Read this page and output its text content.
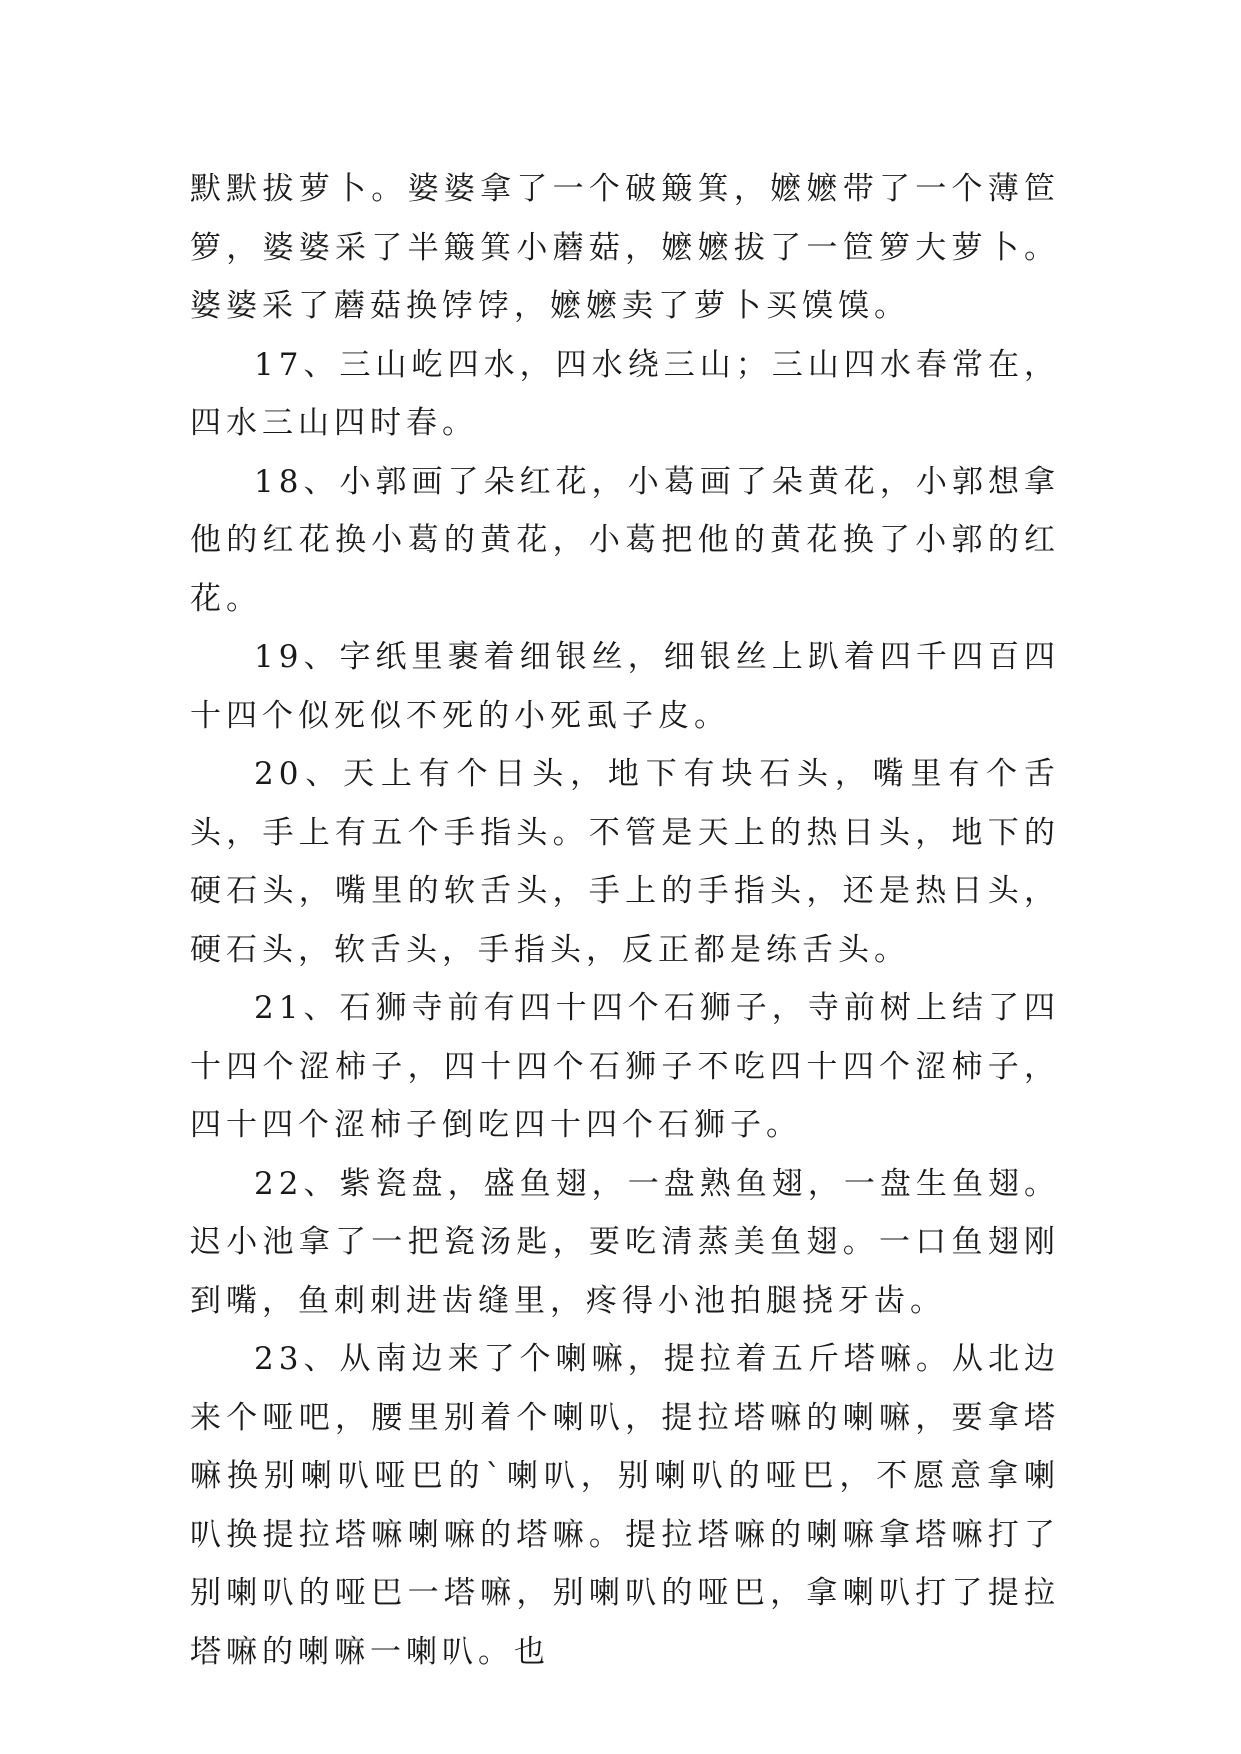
默默拔萝卜。婆婆拿了一个破簸箕，嬷嬷带了一个薄笸箩，婆婆采了半簸箕小蘑菇，嬷嬷拔了一笸箩大萝卜。婆婆采了蘑菇换饽饽，嬷嬷卖了萝卜买馍馍。

17、三山屹四水，四水绕三山；三山四水春常在，四水三山四时春。

18、小郭画了朵红花，小葛画了朵黄花，小郭想拿他的红花换小葛的黄花，小葛把他的黄花换了小郭的红花。

19、字纸里裹着细银丝，细银丝上趴着四千四百四十四个似死似不死的小死虱子皮。

20、天上有个日头，地下有块石头，嘴里有个舌头，手上有五个手指头。不管是天上的热日头，地下的硬石头，嘴里的软舌头，手上的手指头，还是热日头，硬石头，软舌头，手指头，反正都是练舌头。

21、石狮寺前有四十四个石狮子，寺前树上结了四十四个涩柿子，四十四个石狮子不吃四十四个涩柿子，四十四个涩柿子倒吃四十四个石狮子。

22、紫瓷盘，盛鱼翅，一盘熟鱼翅，一盘生鱼翅。迟小池拿了一把瓷汤匙，要吃清蒸美鱼翅。一口鱼翅刚到嘴，鱼刺刺进齿缝里，疼得小池拍腿挠牙齿。

23、从南边来了个喇嘛，提拉着五斤塔嘛。从北边来个哑吧，腰里别着个喇叭，提拉塔嘛的喇嘛，要拿塔嘛换别喇叭哑巴的`喇叭，别喇叭的哑巴，不愿意拿喇叭换提拉塔嘛喇嘛的塔嘛。提拉塔嘛的喇嘛拿塔嘛打了别喇叭的哑巴一塔嘛，别喇叭的哑巴，拿喇叭打了提拉塔嘛的喇嘛一喇叭。也
